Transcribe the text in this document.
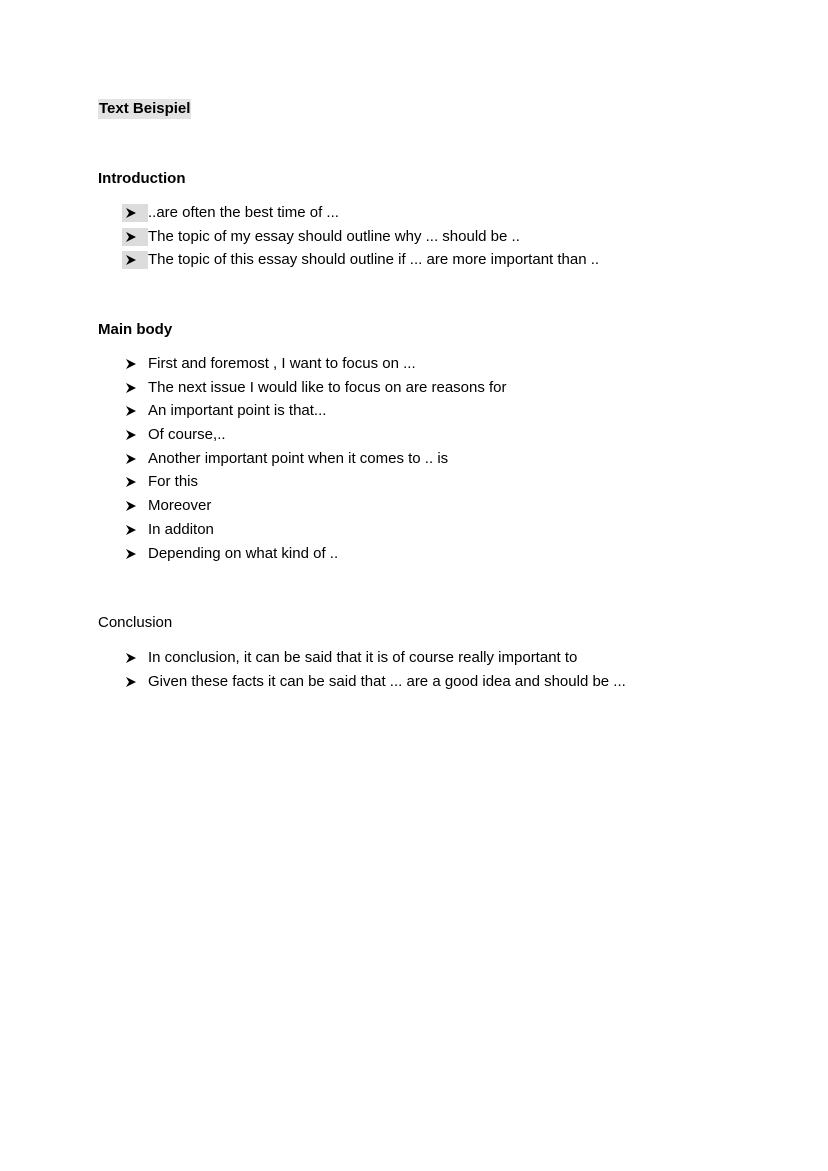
Text Beispiel
Introduction
..are often the best time of ...
The topic of my essay should outline why ... should be ..
The topic of this essay should outline if ... are more important than ..
Main body
First and foremost , I want to focus on ...
The next issue I would like to focus on are reasons for
An important point is that...
Of course,..
Another important point when it comes to .. is
For this
Moreover
In additon
Depending on what kind of ..
Conclusion
In conclusion, it can be said that it is of course really important to
Given these facts it can be said that ... are a good idea and should be ...
